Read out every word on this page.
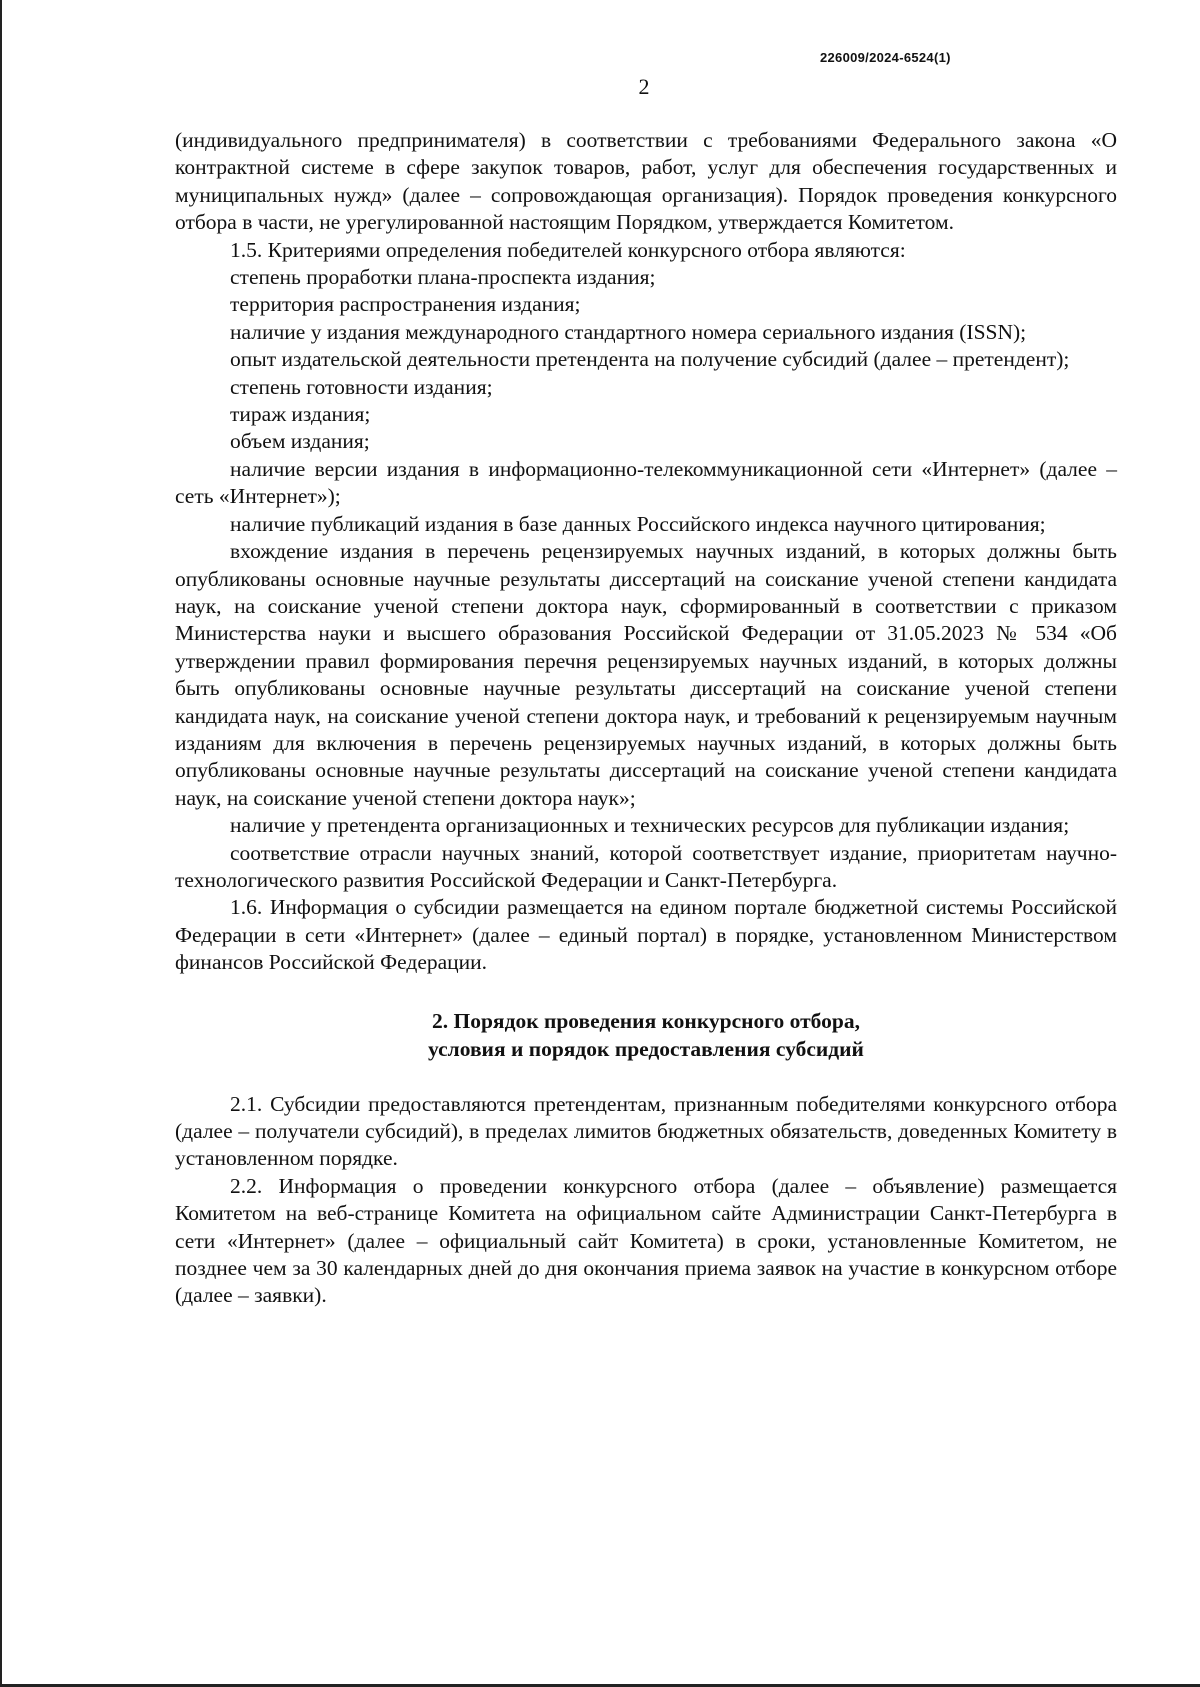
226009/2024-6524(1)
2

(индивидуального предпринимателя) в соответствии с требованиями Федерального закона «О контрактной системе в сфере закупок товаров, работ, услуг для обеспечения государственных и муниципальных нужд» (далее – сопровождающая организация). Порядок проведения конкурсного отбора в части, не урегулированной настоящим Порядком, утверждается Комитетом.

1.5. Критериями определения победителей конкурсного отбора являются:

степень проработки плана-проспекта издания;

территория распространения издания;

наличие у издания международного стандартного номера сериального издания (ISSN);

опыт издательской деятельности претендента на получение субсидий (далее – претендент);

степень готовности издания;

тираж издания;

объем издания;

наличие версии издания в информационно-телекоммуникационной сети «Интернет» (далее – сеть «Интернет»);

наличие публикаций издания в базе данных Российского индекса научного цитирования;

вхождение издания в перечень рецензируемых научных изданий, в которых должны быть опубликованы основные научные результаты диссертаций на соискание ученой степени кандидата наук, на соискание ученой степени доктора наук, сформированный в соответствии с приказом Министерства науки и высшего образования Российской Федерации от 31.05.2023 № 534 «Об утверждении правил формирования перечня рецензируемых научных изданий, в которых должны быть опубликованы основные научные результаты диссертаций на соискание ученой степени кандидата наук, на соискание ученой степени доктора наук, и требований к рецензируемым научным изданиям для включения в перечень рецензируемых научных изданий, в которых должны быть опубликованы основные научные результаты диссертаций на соискание ученой степени кандидата наук, на соискание ученой степени доктора наук»;

наличие у претендента организационных и технических ресурсов для публикации издания;

соответствие отрасли научных знаний, которой соответствует издание, приоритетам научно-технологического развития Российской Федерации и Санкт-Петербурга.

1.6. Информация о субсидии размещается на едином портале бюджетной системы Российской Федерации в сети «Интернет» (далее – единый портал) в порядке, установленном Министерством финансов Российской Федерации.

2. Порядок проведения конкурсного отбора,
условия и порядок предоставления субсидий

2.1. Субсидии предоставляются претендентам, признанным победителями конкурсного отбора (далее – получатели субсидий), в пределах лимитов бюджетных обязательств, доведенных Комитету в установленном порядке.

2.2. Информация о проведении конкурсного отбора (далее – объявление) размещается Комитетом на веб-странице Комитета на официальном сайте Администрации Санкт-Петербурга в сети «Интернет» (далее – официальный сайт Комитета) в сроки, установленные Комитетом, не позднее чем за 30 календарных дней до дня окончания приема заявок на участие в конкурсном отборе (далее – заявки).
